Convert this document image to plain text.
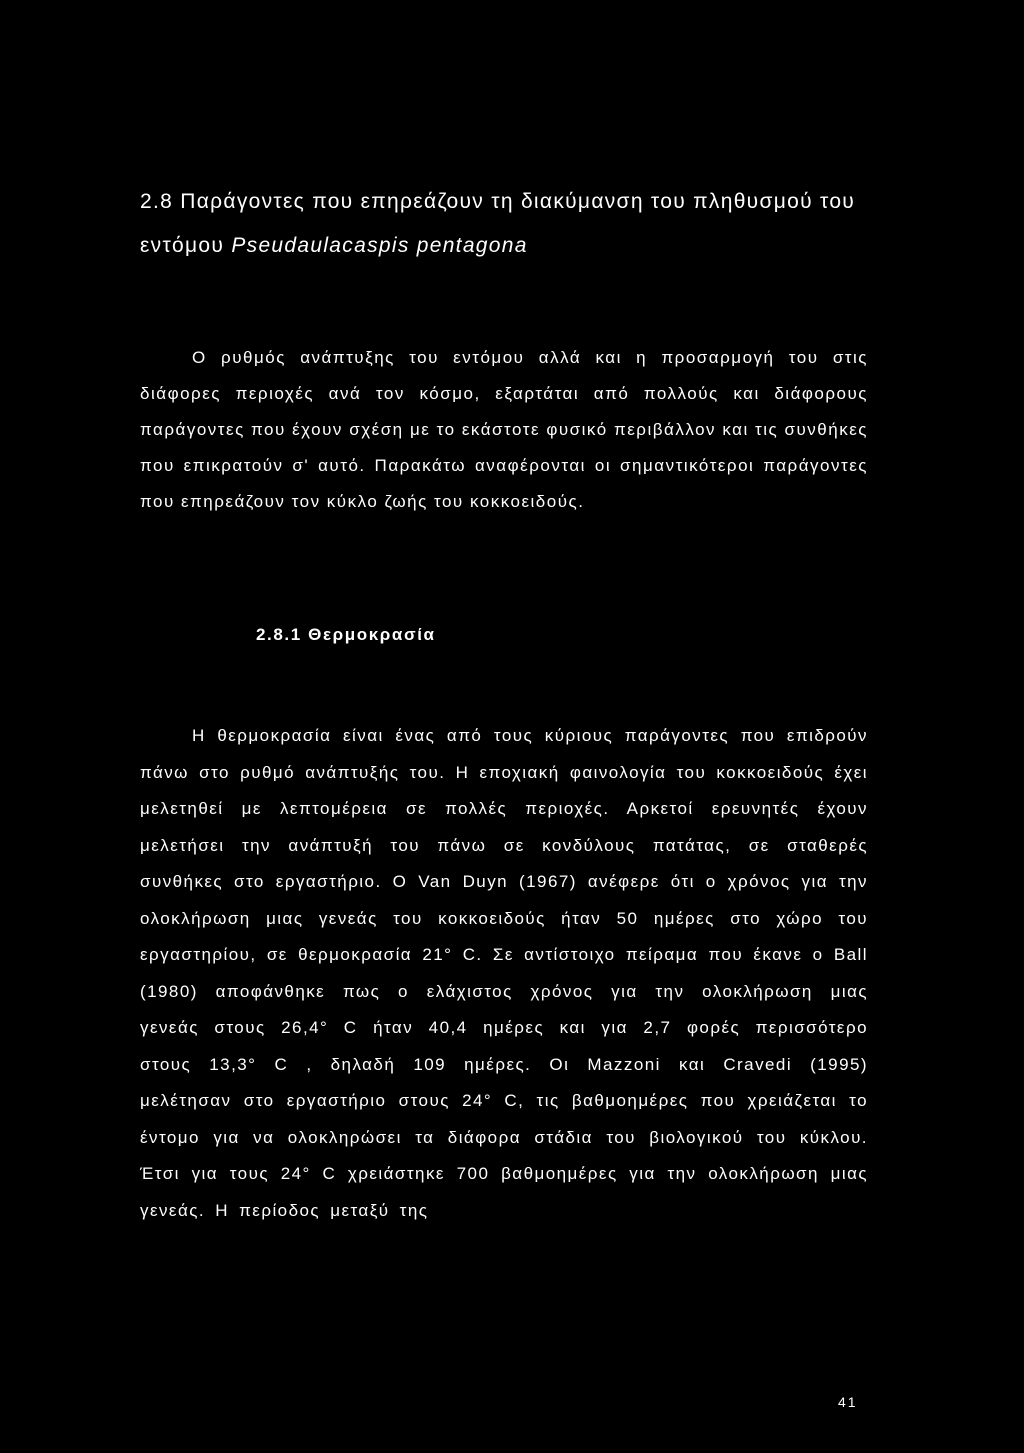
2.8 Παράγοντες που επηρεάζουν τη διακύμανση του πληθυσμού του εντόμου Pseudaulacaspis pentagona

Ο ρυθμός ανάπτυξης του εντόμου αλλά και η προσαρμογή του στις διάφορες περιοχές ανά τον κόσμο, εξαρτάται από πολλούς και διάφορους παράγοντες που έχουν σχέση με το εκάστοτε φυσικό περιβάλλον και τις συνθήκες που επικρατούν σ' αυτό. Παρακάτω αναφέρονται οι σημαντικότεροι παράγοντες που επηρεάζουν τον κύκλο ζωής του κοκκοειδούς.

2.8.1 Θερμοκρασία

Η θερμοκρασία είναι ένας από τους κύριους παράγοντες που επιδρούν πάνω στο ρυθμό ανάπτυξής του. Η εποχιακή φαινολογία του κοκκοειδούς έχει μελετηθεί με λεπτομέρεια σε πολλές περιοχές. Αρκετοί ερευνητές έχουν μελετήσει την ανάπτυξή του πάνω σε κονδύλους πατάτας, σε σταθερές συνθήκες στο εργαστήριο. Ο Van Duyn (1967) ανέφερε ότι ο χρόνος για την ολοκλήρωση μιας γενεάς του κοκκοειδούς ήταν 50 ημέρες στο χώρο του εργαστηρίου, σε θερμοκρασία 21° C. Σε αντίστοιχο πείραμα που έκανε ο Ball (1980) αποφάνθηκε πως ο ελάχιστος χρόνος για την ολοκλήρωση μιας γενεάς στους 26,4° C ήταν 40,4 ημέρες και για 2,7 φορές περισσότερο στους 13,3° C , δηλαδή 109 ημέρες. Οι Mazzoni και Cravedi (1995) μελέτησαν στο εργαστήριο στους 24° C, τις βαθμοημέρες που χρειάζεται το έντομο για να ολοκληρώσει τα διάφορα στάδια του βιολογικού του κύκλου. Έτσι για τους 24° C χρειάστηκε 700 βαθμοημέρες για την ολοκλήρωση μιας γενεάς. Η περίοδος μεταξύ της

41
